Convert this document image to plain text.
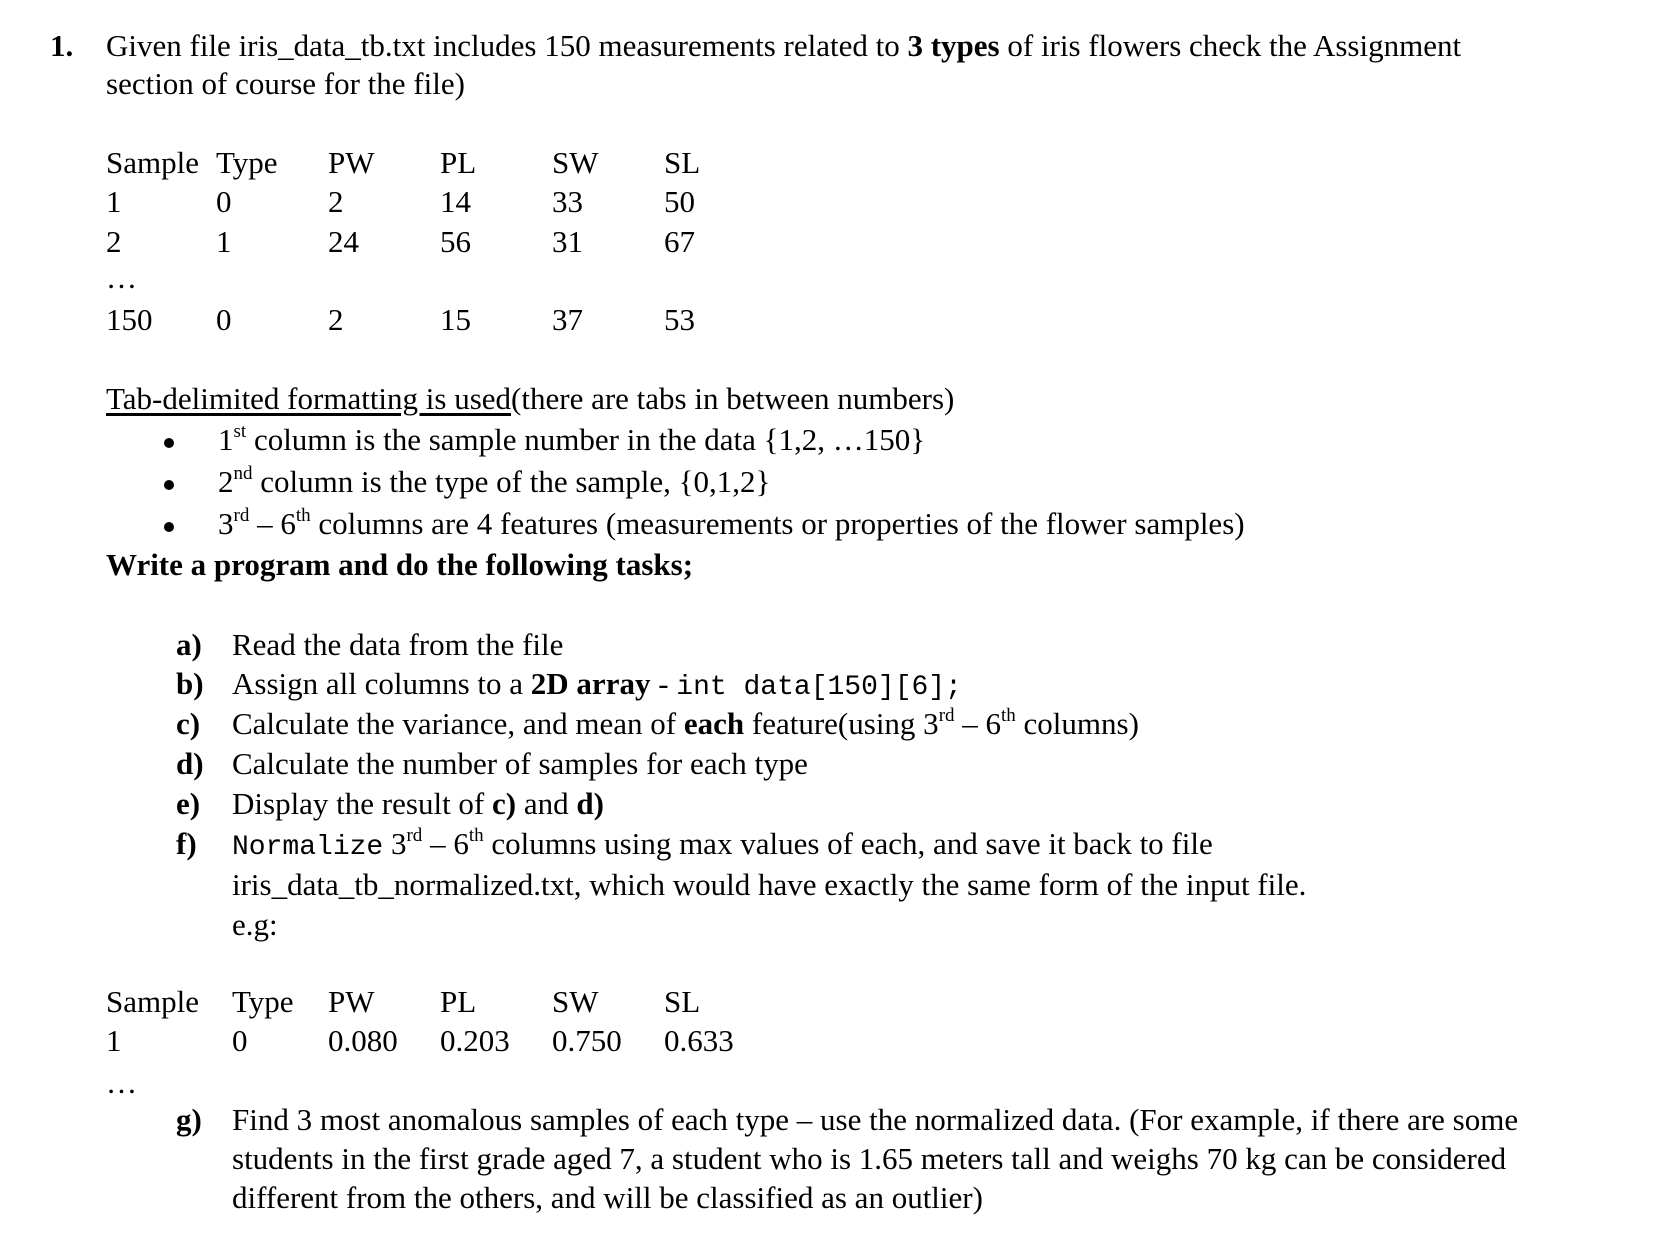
1. Given file iris_data_tb.txt includes 150 measurements related to 3 types of iris flowers check the Assignment
section of course for the file)
Sample Type PW PL SW SL
1	0	2	14	33	50
2	1	24	56	31	67
…
150 0	2	15	37	53
Tab-delimited formatting is used(there are tabs in between numbers)
1st column is the sample number in the data {1,2, …150}
2nd column is the type of the sample, {0,1,2}
3rd – 6th columns are 4 features (measurements or properties of the flower samples)
Write a program and do the following tasks;
a) Read the data from the file
b) Assign all columns to a 2D array - int data[150][6];
c) Calculate the variance, and mean of each feature(using 3rd – 6th columns)
d) Calculate the number of samples for each type
e) Display the result of c) and d)
f) Normalize 3rd – 6th columns using max values of each, and save it back to file
iris_data_tb_normalized.txt, which would have exactly the same form of the input file.
e.g:
Sample Type PW PL SW SL
1	0	0.080 0.203 0.750 0.633
…
g) Find 3 most anomalous samples of each type – use the normalized data. (For example, if there are some
students in the first grade aged 7, a student who is 1.65 meters tall and weighs 70 kg can be considered
different from the others, and will be classified as an outlier)
